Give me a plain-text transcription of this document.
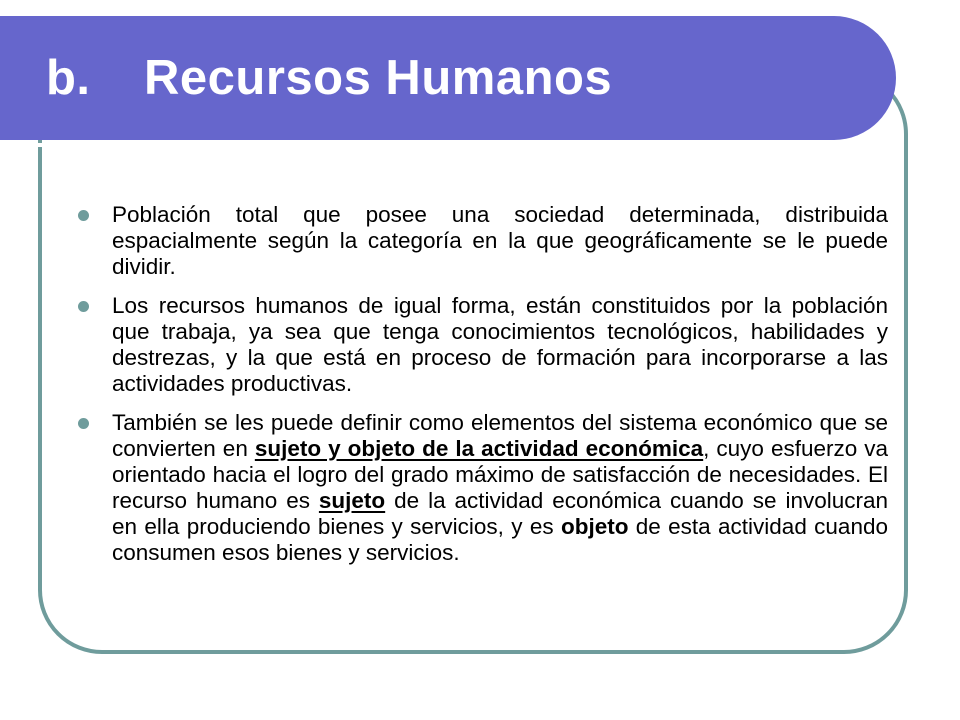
b. Recursos Humanos
Población total que posee una sociedad determinada, distribuida espacialmente según la categoría en la que geográficamente se le puede dividir.
Los recursos humanos de igual forma, están constituidos por la población que trabaja, ya sea que tenga conocimientos tecnológicos, habilidades y destrezas, y la que está en proceso de formación para incorporarse a las actividades productivas.
También se les puede definir como elementos del sistema económico que se convierten en sujeto y objeto de la actividad económica, cuyo esfuerzo va orientado hacia el logro del grado máximo de satisfacción de necesidades. El recurso humano es sujeto de la actividad económica cuando se involucran en ella produciendo bienes y servicios, y es objeto de esta actividad cuando consumen esos bienes y servicios.
